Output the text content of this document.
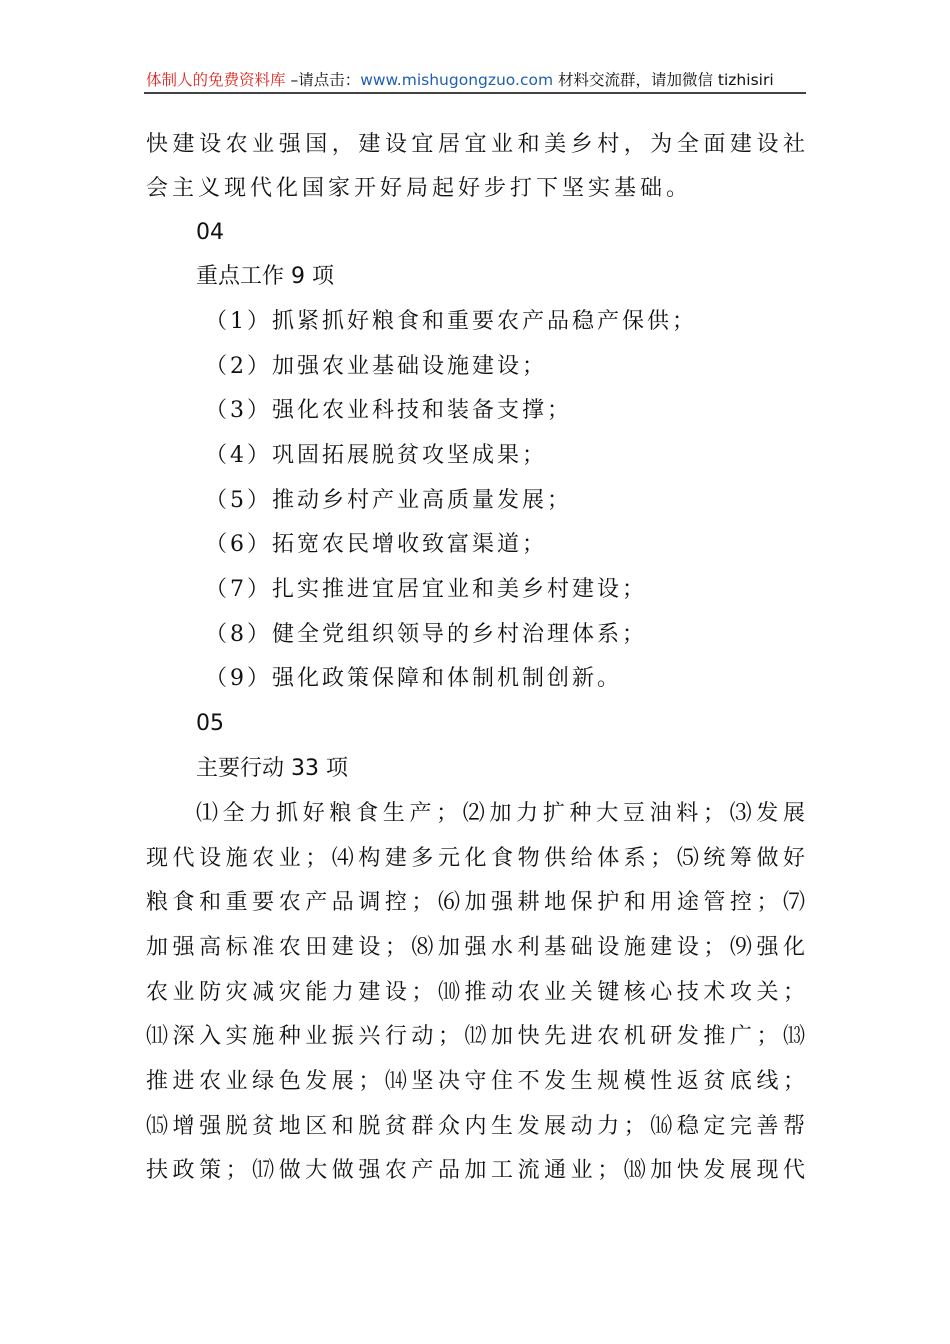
体制人的免费资料库 –请点击：www.mishugongzuo.com 材料交流群，请加微信 tizhisiri
快建设农业强国，建设宜居宜业和美乡村，为全面建设社
会主义现代化国家开好局起好步打下坚实基础。
04
重点工作 9 项
（1）抓紧抓好粮食和重要农产品稳产保供；
（2）加强农业基础设施建设；
（3）强化农业科技和装备支撑；
（4）巩固拓展脱贫攻坚成果；
（5）推动乡村产业高质量发展；
（6）拓宽农民增收致富渠道；
（7）扎实推进宜居宜业和美乡村建设；
（8）健全党组织领导的乡村治理体系；
（9）强化政策保障和体制机制创新。
05
主要行动 33 项
⑴全力抓好粮食生产；⑵加力扩种大豆油料；⑶发展
现代设施农业；⑷构建多元化食物供给体系；⑸统筹做好
粮食和重要农产品调控；⑹加强耕地保护和用途管控；⑺
加强高标准农田建设；⑻加强水利基础设施建设；⑼强化
农业防灾减灾能力建设；⑽推动农业关键核心技术攻关；
⑾深入实施种业振兴行动；⑿加快先进农机研发推广；⒀
推进农业绿色发展；⒁坚决守住不发生规模性返贫底线；
⒂增强脱贫地区和脱贫群众内生发展动力；⒃稳定完善帮
扶政策；⒄做大做强农产品加工流通业；⒅加快发展现代
